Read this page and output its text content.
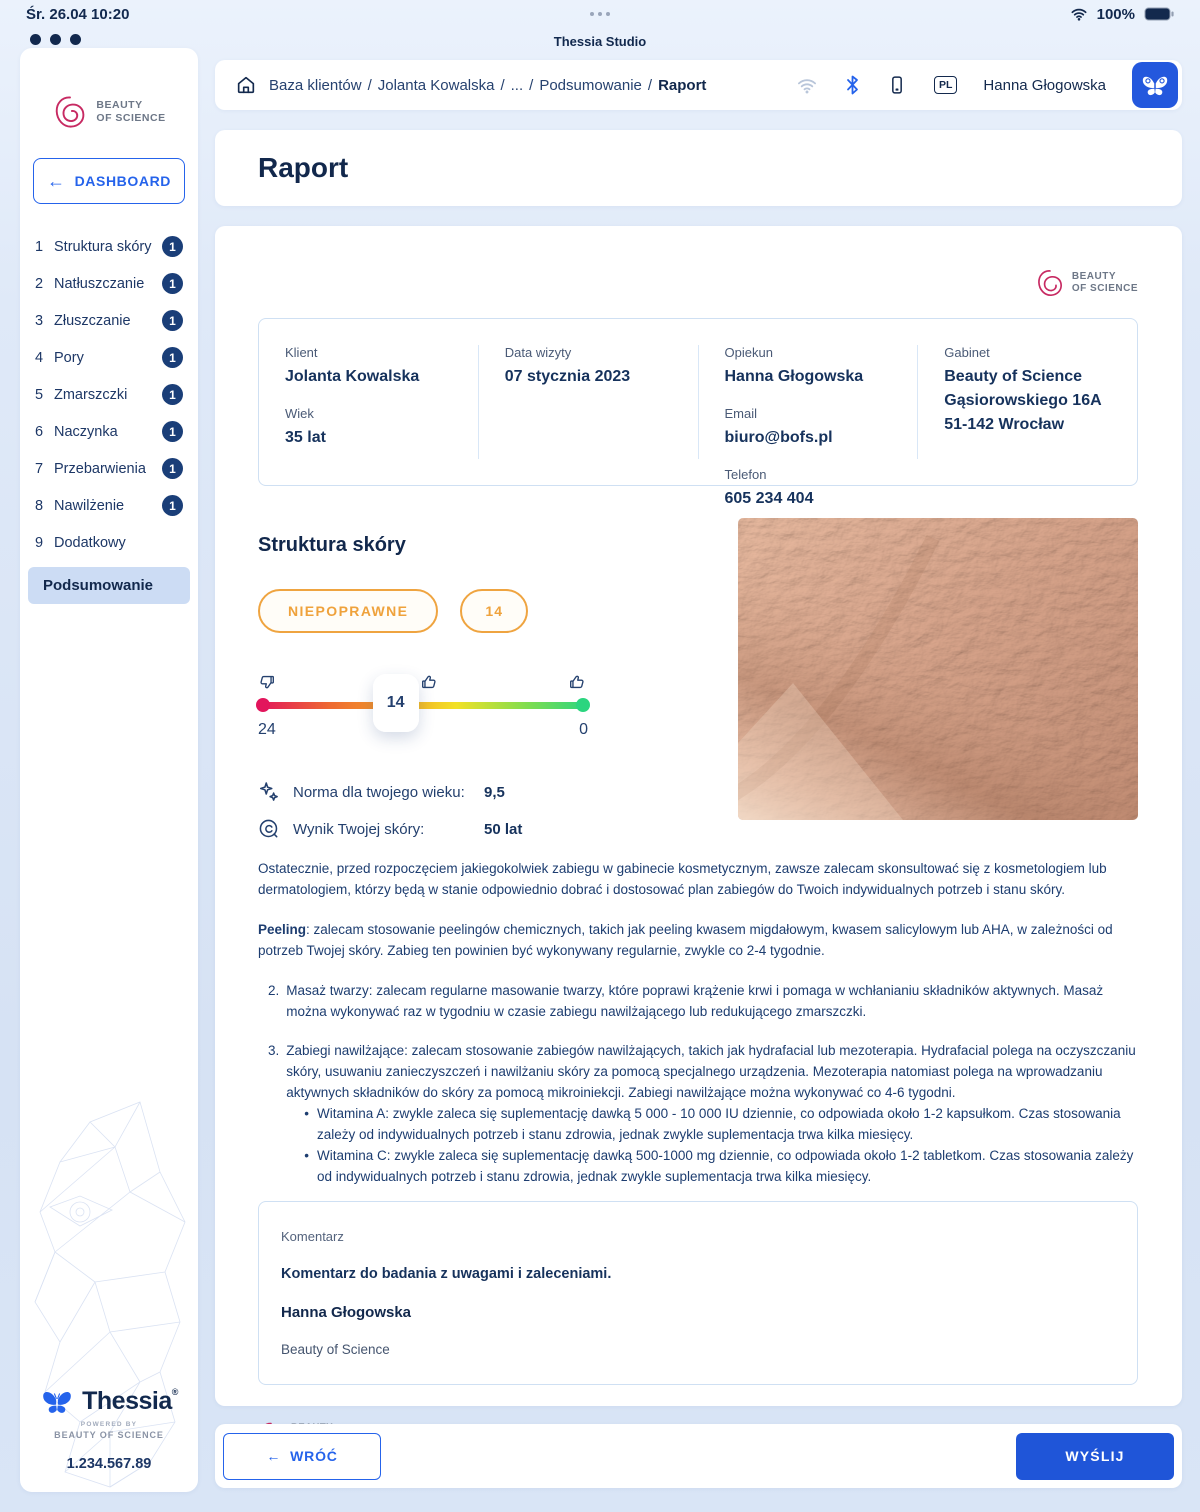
Śr. 26.04 10:20	100%
Thessia Studio
BEAUTY
OF SCIENCE
← DASHBOARD
1 Struktura skóry	1
2 Natłuszczanie	1
3 Złuszczanie	1
4 Pory	1
5 Zmarszczki	1
6 Naczynka	1
7 Przebarwienia	1
8 Nawilżenie	1
9 Dodatkowy
Podsumowanie
Thessia®
POWERED BY
BEAUTY OF SCIENCE
1.234.567.89
Baza klientów / Jolanta Kowalska / ... / Podsumowanie / Raport	PL	Hanna Głogowska
Raport
BEAUTY
OF SCIENCE
Klient
Jolanta Kowalska
Wiek
35 lat
Data wizyty
07 stycznia 2023
Opiekun
Hanna Głogowska
Email
biuro@bofs.pl
Telefon
605 234 404
Gabinet
Beauty of Science
Gąsiorowskiego 16A
51-142 Wrocław
Struktura skóry
NIEPOPRAWNE	14
14
24	0
Norma dla twojego wieku:	9,5
Wynik Twojej skóry:	50 lat

Ostatecznie, przed rozpoczęciem jakiegokolwiek zabiegu w gabinecie kosmetycznym, zawsze zalecam skonsultować się z kosmetologiem lub dermatologiem, którzy będą w stanie odpowiednio dobrać i dostosować plan zabiegów do Twoich indywidualnych potrzeb i stanu skóry.

Peeling: zalecam stosowanie peelingów chemicznych, takich jak peeling kwasem migdałowym, kwasem salicylowym lub AHA, w zależności od potrzeb Twojej skóry. Zabieg ten powinien być wykonywany regularnie, zwykle co 2-4 tygodnie.

2. Masaż twarzy: zalecam regularne masowanie twarzy, które poprawi krążenie krwi i pomaga w wchłanianiu składników aktywnych. Masaż można wykonywać raz w tygodniu w czasie zabiegu nawilżającego lub redukującego zmarszczki.
3. Zabiegi nawilżające: zalecam stosowanie zabiegów nawilżających, takich jak hydrafacial lub mezoterapia. Hydrafacial polega na oczyszczaniu skóry, usuwaniu zanieczyszczeń i nawilżaniu skóry za pomocą specjalnego urządzenia. Mezoterapia natomiast polega na wprowadzaniu aktywnych składników do skóry za pomocą mikroiniekcji. Zabiegi nawilżające można wykonywać co 4-6 tygodni.
• Witamina A: zwykle zaleca się suplementację dawką 5 000 - 10 000 IU dziennie, co odpowiada około 1-2 kapsułkom. Czas stosowania zależy od indywidualnych potrzeb i stanu zdrowia, jednak zwykle suplementacja trwa kilka miesięcy.
• Witamina C: zwykle zaleca się suplementację dawką 500-1000 mg dziennie, co odpowiada około 1-2 tabletkom. Czas stosowania zależy od indywidualnych potrzeb i stanu zdrowia, jednak zwykle suplementacja trwa kilka miesięcy.
Komentarz
Komentarz do badania z uwagami i zaleceniami.
Hanna Głogowska
Beauty of Science
← WRÓĆ	WYŚLIJ
